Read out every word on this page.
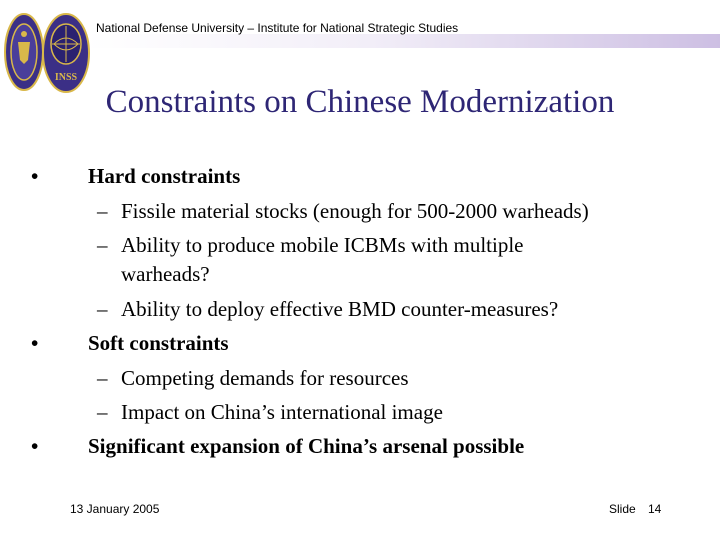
National Defense University – Institute for National Strategic Studies
INSS
Constraints on Chinese Modernization
• Hard constraints
– Fissile material stocks (enough for 500-2000 warheads)
– Ability to produce mobile ICBMs with multiple
warheads?
– Ability to deploy effective BMD counter-measures?
• Soft constraints
– Competing demands for resources
– Impact on China’s international image
• Significant expansion of China’s arsenal possible
13 January 2005	Slide 14
